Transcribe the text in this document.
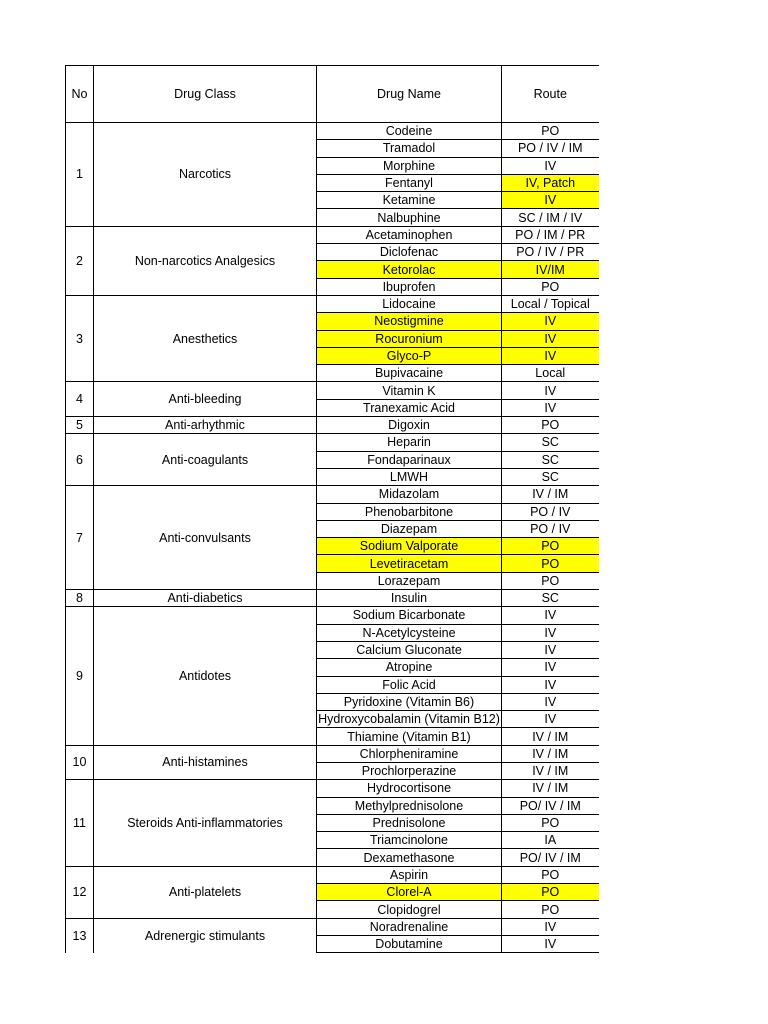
No	Drug Class	Drug Name	Route
1	Narcotics	Codeine	PO
		Tramadol	PO / IV / IM
		Morphine	IV
		Fentanyl	IV, Patch
		Ketamine	IV
		Nalbuphine	SC / IM / IV
2	Non-narcotics Analgesics	Acetaminophen	PO / IM / PR
		Diclofenac	PO / IV / PR
		Ketorolac	IV/IM
		Ibuprofen	PO
3	Anesthetics	Lidocaine	Local / Topical
		Neostigmine	IV
		Rocuronium	IV
		Glyco-P	IV
		Bupivacaine	Local
4	Anti-bleeding	Vitamin K	IV
		Tranexamic Acid	IV
5	Anti-arhythmic	Digoxin	PO
6	Anti-coagulants	Heparin	SC
		Fondaparinaux	SC
		LMWH	SC
7	Anti-convulsants	Midazolam	IV / IM
		Phenobarbitone	PO / IV
		Diazepam	PO / IV
		Sodium Valporate	PO
		Levetiracetam	PO
		Lorazepam	PO
8	Anti-diabetics	Insulin	SC
9	Antidotes	Sodium Bicarbonate	IV
		N-Acetylcysteine	IV
		Calcium Gluconate	IV
		Atropine	IV
		Folic Acid	IV
		Pyridoxine (Vitamin B6)	IV
		Hydroxycobalamin (Vitamin B12)	IV
		Thiamine (Vitamin B1)	IV / IM
10	Anti-histamines	Chlorpheniramine	IV / IM
		Prochlorperazine	IV / IM
11	Steroids Anti-inflammatories	Hydrocortisone	IV / IM
		Methylprednisolone	PO/ IV / IM
		Prednisolone	PO
		Triamcinolone	IA
		Dexamethasone	PO/ IV / IM
12	Anti-platelets	Aspirin	PO
		Clorel-A	PO
		Clopidogrel	PO
13	Adrenergic stimulants	Noradrenaline	IV
		Dobutamine	IV
